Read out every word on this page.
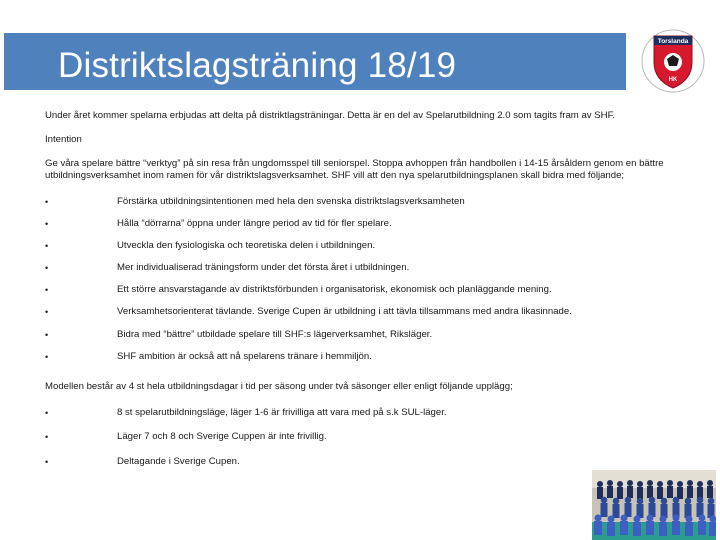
Distriktslagsträning 18/19
Torslanda
HK

Under året kommer spelarna erbjudas att delta på distriktlagsträningar. Detta är en del av Spelarutbildning 2.0 som tagits fram av SHF.

Intention

Ge våra spelare bättre “verktyg” på sin resa från ungdomsspel till seniorspel. Stoppa avhoppen från handbollen i 14-15 årsåldern genom en bättre utbildningsverksamhet inom ramen för vår distriktslagsverksamhet. SHF vill att den nya spelarutbildningsplanen skall bidra med följande;

•	Förstärka utbildningsintentionen med hela den svenska distriktslagsverksamheten
•	Hålla “dörrarna” öppna under längre period av tid för fler spelare.
•	Utveckla den fysiologiska och teoretiska delen i utbildningen.
•	Mer individualiserad träningsform under det första året i utbildningen.
•	Ett större ansvarstagande av distriktsförbunden i organisatorisk, ekonomisk och planläggande mening.
•	Verksamhetsorienterat tävlande. Sverige Cupen är utbildning i att tävla tillsammans med andra likasinnade.
•	Bidra med “bättre” utbildade spelare till SHF:s lägerverksamhet, Riksläger.
•	SHF ambition är också att nå spelarens tränare i hemmiljön.

Modellen består av 4 st hela utbildningsdagar i tid per säsong under två säsonger eller enligt följande upplägg;

•	8 st spelarutbildningsläge, läger 1-6 är frivilliga att vara med på s.k SUL-läger.
•	Läger 7 och 8 och Sverige Cuppen är inte frivillig.
•	Deltagande i Sverige Cupen.
